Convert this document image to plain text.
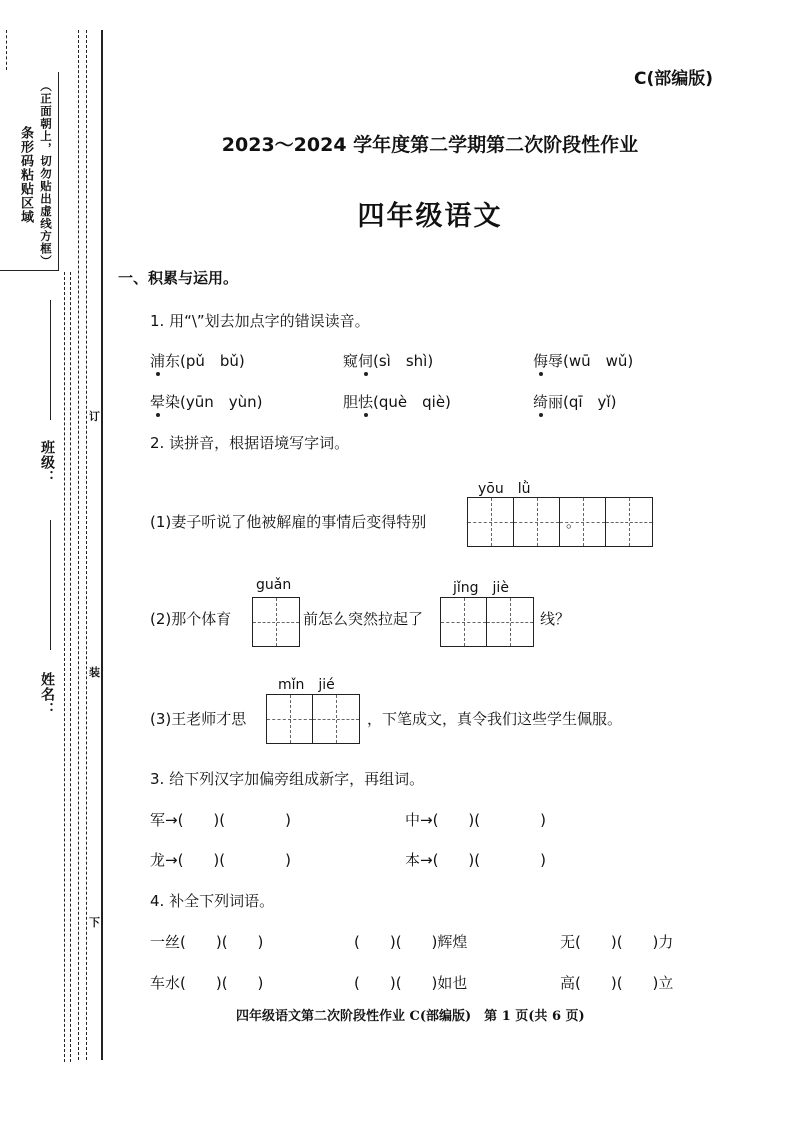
条形码粘贴区域 （正面朝上，切勿贴出虚线方框）
班级：
姓名：
订
装
下
C(部编版)
2023～2024 学年度第二学期第二次阶段性作业
四年级语文
一、积累与运用。
1. 用“\”划去加点字的错误读音。
浦东(pǔ　bǔ)	窥伺(sì　shì)	侮辱(wū　wǔ)
晕染(yūn　yùn)	胆怯(què　qiè)	绮丽(qī　yǐ)
2. 读拼音，根据语境写字词。
yōu　lǜ
(1)妻子听说了他被解雇的事情后变得特别	。
guǎn	jǐng　jiè
(2)那个体育	前怎么突然拉起了	线？
mǐn　jié
(3)王老师才思	，下笔成文，真令我们这些学生佩服。
3. 给下列汉字加偏旁组成新字，再组词。
军→(　　)(　　　　)	中→(　　)(　　　　)
龙→(　　)(　　　　)	本→(　　)(　　　　)
4. 补全下列词语。
一丝(　　)(　　)	(　　)(　　)辉煌	无(　　)(　　)力
车水(　　)(　　)	(　　)(　　)如也	高(　　)(　　)立
四年级语文第二次阶段性作业 C(部编版)　第 1 页(共 6 页)
